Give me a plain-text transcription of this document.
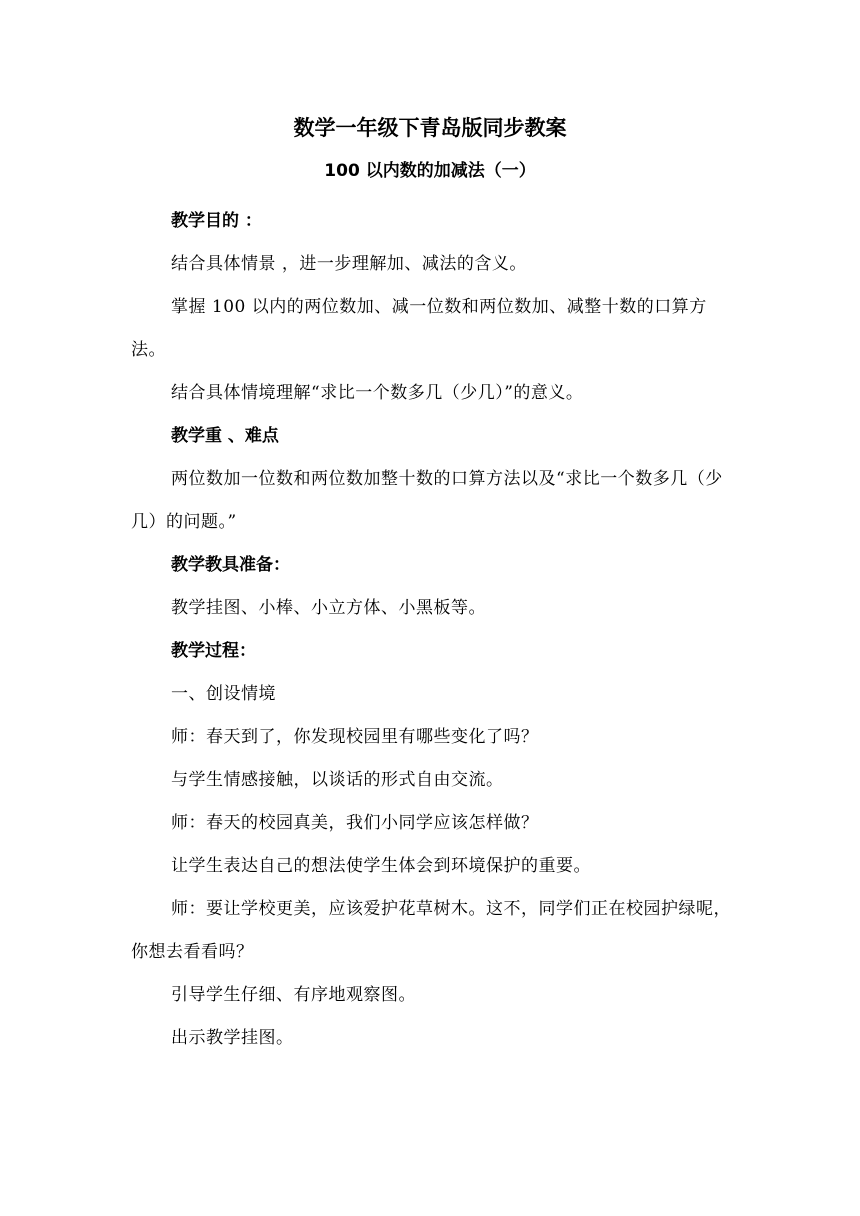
数学一年级下青岛版同步教案
100 以内数的加减法（一）

教学目的 ：

结合具体情景 ，进一步理解加、减法的含义。

掌握 100 以内的两位数加、减一位数和两位数加、减整十数的口算方法。

结合具体情境理解“求比一个数多几（少几）”的意义。

教学重 、难点

两位数加一位数和两位数加整十数的口算方法以及“求比一个数多几（少几）的问题。”

教学教具准备：

教学挂图、小棒、小立方体、小黑板等。

教学过程：

一、创设情境

师：春天到了，你发现校园里有哪些变化了吗？

与学生情感接触，以谈话的形式自由交流。

师：春天的校园真美，我们小同学应该怎样做？

让学生表达自己的想法使学生体会到环境保护的重要。

师：要让学校更美，应该爱护花草树木。这不，同学们正在校园护绿呢，你想去看看吗？

引导学生仔细、有序地观察图。

出示教学挂图。
